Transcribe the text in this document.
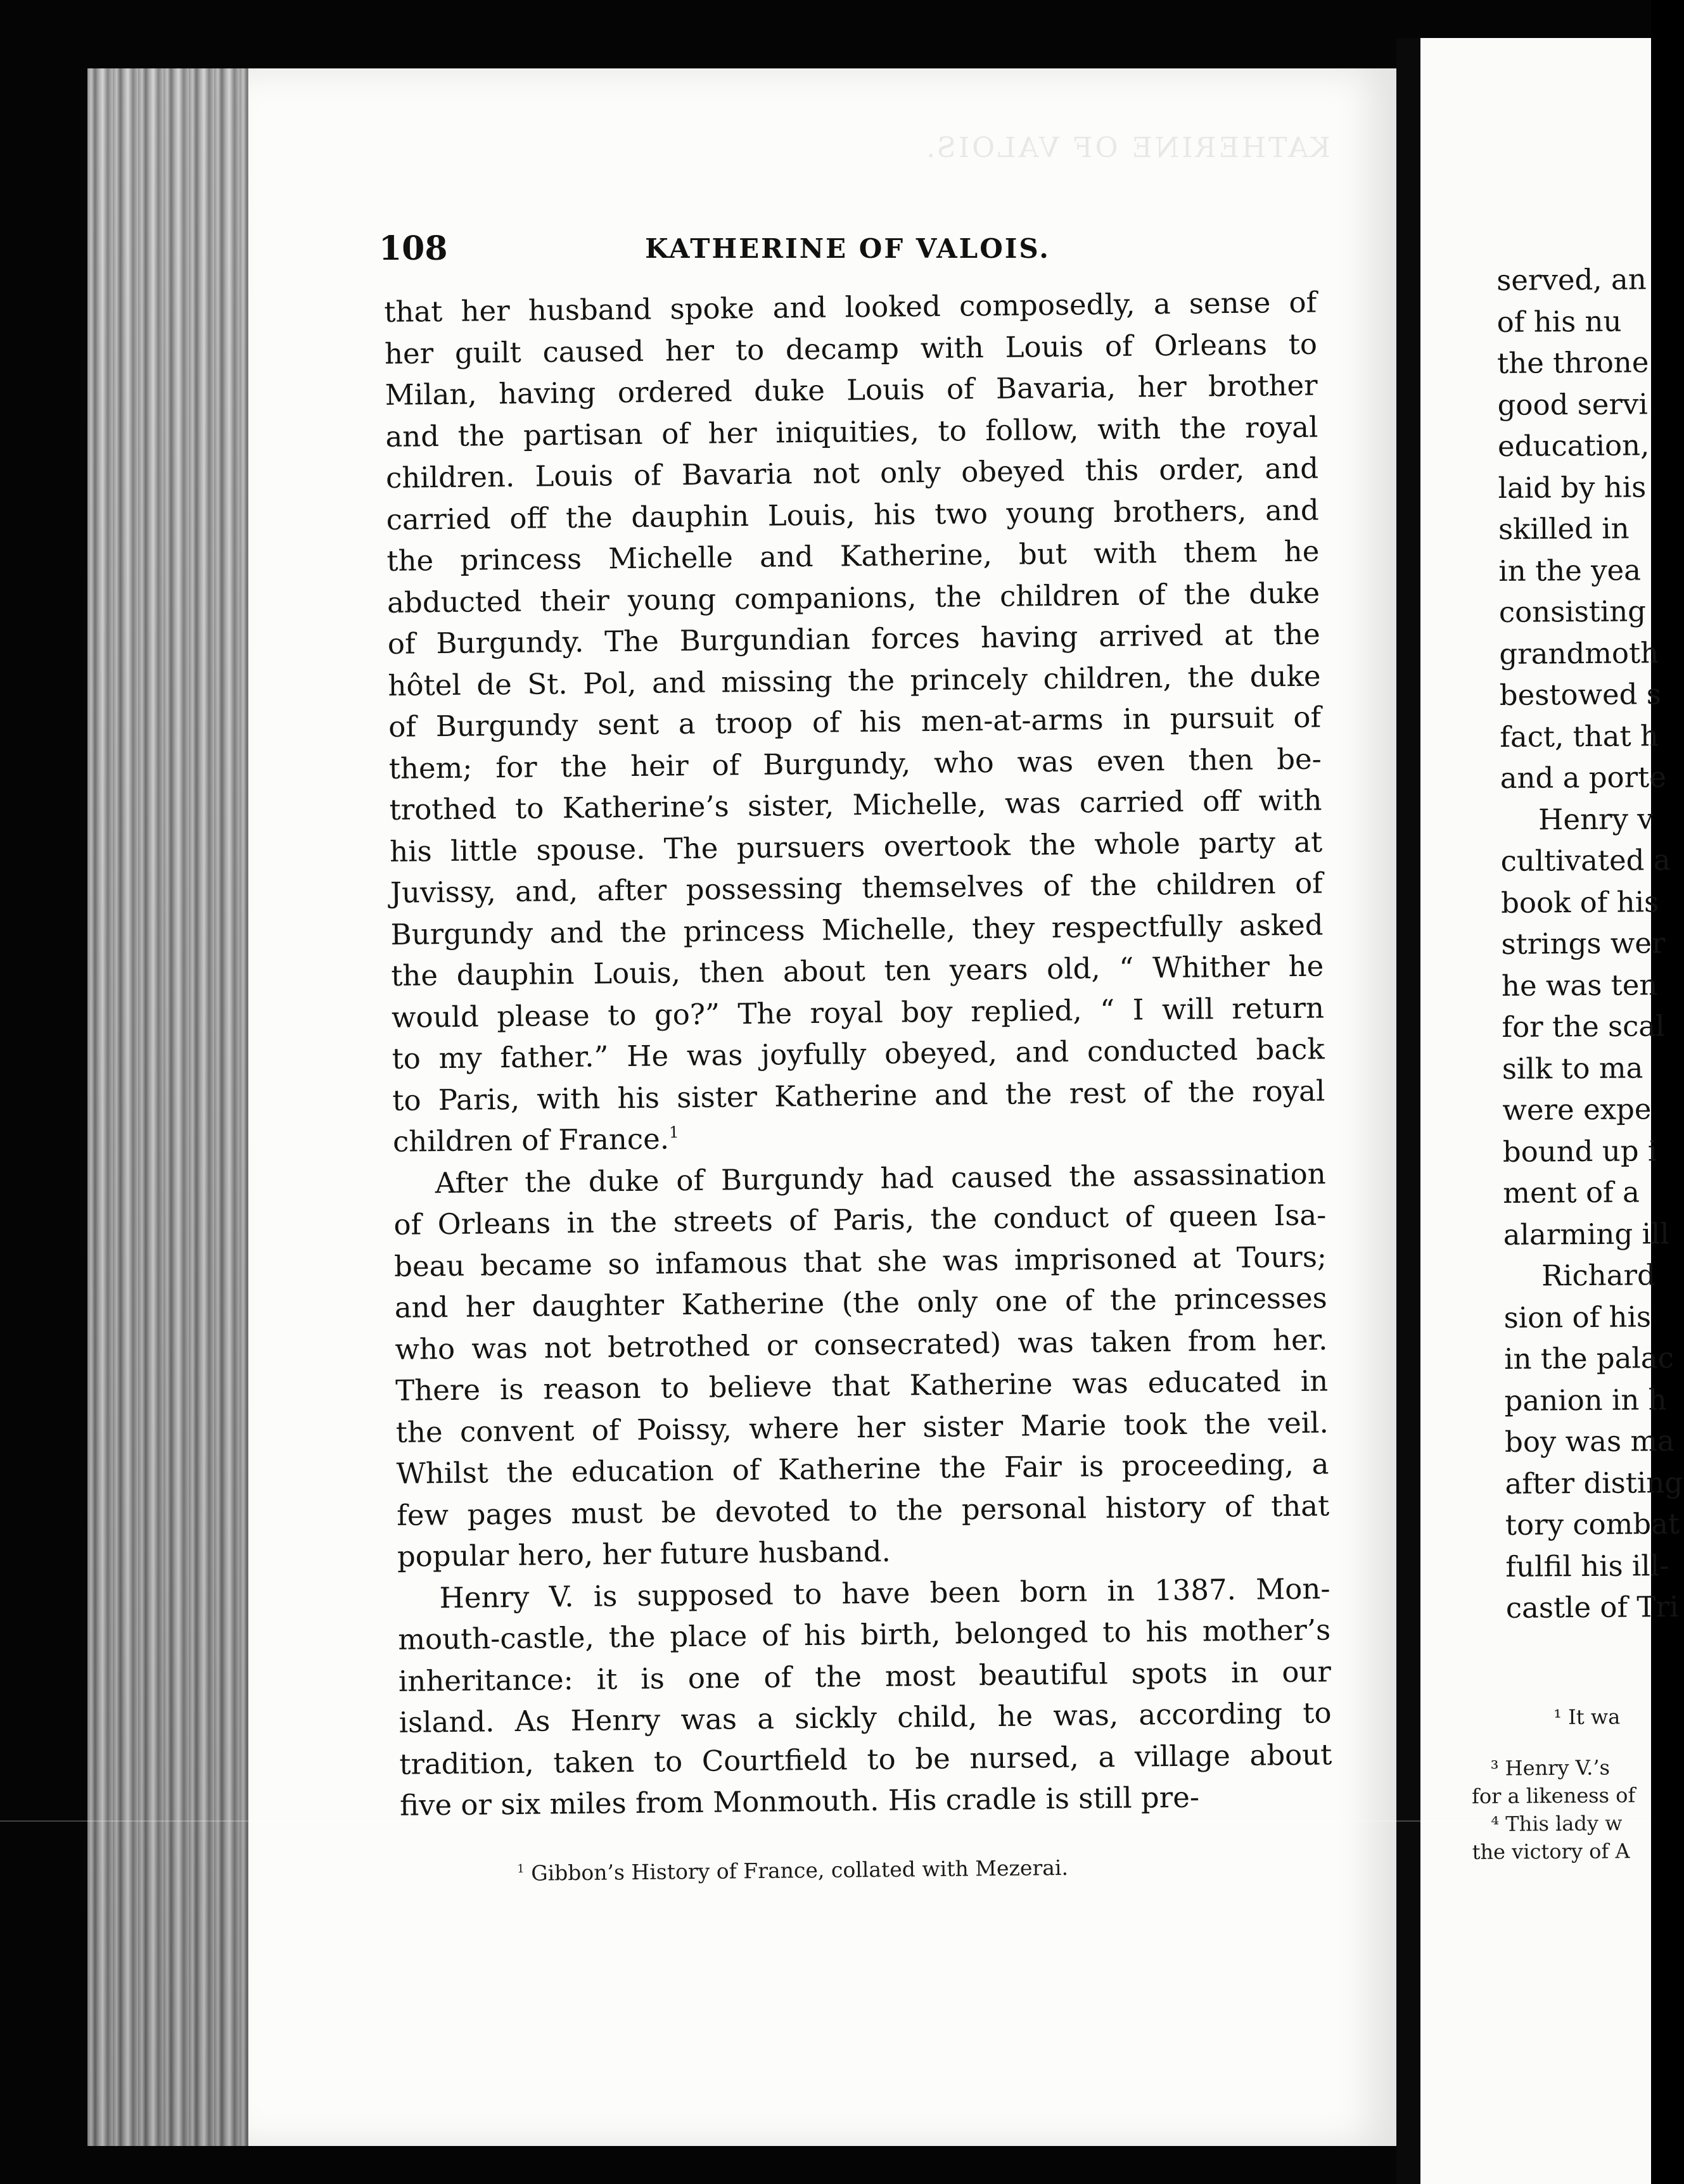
served, an
of his nu
the throne
good servi
education,
laid by his
skilled in
in the yea
consisting
grandmoth
bestowed s
fact, that h
and a porte
Henry v
cultivated a
book of his
strings wer
he was ten
for the scal
silk to ma
were expe
bound up i
ment of a
alarming ill
Richard
sion of his
in the palac
panion in h
boy was ma
after disting
tory combat
fulfil his ill-
castle of Tri
¹ It wa
³ Henry V.’s
for a likeness of
⁴ This lady w
the victory of A
KATHERINE OF VALOIS.
108	KATHERINE OF VALOIS.
that her husband spoke and looked composedly, a sense of
her guilt caused her to decamp with Louis of Orleans to
Milan, having ordered duke Louis of Bavaria, her brother
and the partisan of her iniquities, to follow, with the royal
children. Louis of Bavaria not only obeyed this order, and
carried off the dauphin Louis, his two young brothers, and
the princess Michelle and Katherine, but with them he
abducted their young companions, the children of the duke
of Burgundy. The Burgundian forces having arrived at the
hôtel de St. Pol, and missing the princely children, the duke
of Burgundy sent a troop of his men-at-arms in pursuit of
them; for the heir of Burgundy, who was even then be-
trothed to Katherine’s sister, Michelle, was carried off with
his little spouse. The pursuers overtook the whole party at
Juvissy, and, after possessing themselves of the children of
Burgundy and the princess Michelle, they respectfully asked
the dauphin Louis, then about ten years old, “ Whither he
would please to go?” The royal boy replied, “ I will return
to my father.” He was joyfully obeyed, and conducted back
to Paris, with his sister Katherine and the rest of the royal
children of France.$^1$
After the duke of Burgundy had caused the assassination
of Orleans in the streets of Paris, the conduct of queen Isa-
beau became so infamous that she was imprisoned at Tours;
and her daughter Katherine (the only one of the princesses
who was not betrothed or consecrated) was taken from her.
There is reason to believe that Katherine was educated in
the convent of Poissy, where her sister Marie took the veil.
Whilst the education of Katherine the Fair is proceeding, a
few pages must be devoted to the personal history of that
popular hero, her future husband.
Henry V. is supposed to have been born in 1387. Mon-
mouth-castle, the place of his birth, belonged to his mother’s
inheritance: it is one of the most beautiful spots in our
island. As Henry was a sickly child, he was, according to
tradition, taken to Courtfield to be nursed, a village about
five or six miles from Monmouth. His cradle is still pre-
$^1$ Gibbon’s History of France, collated with Mezerai.
